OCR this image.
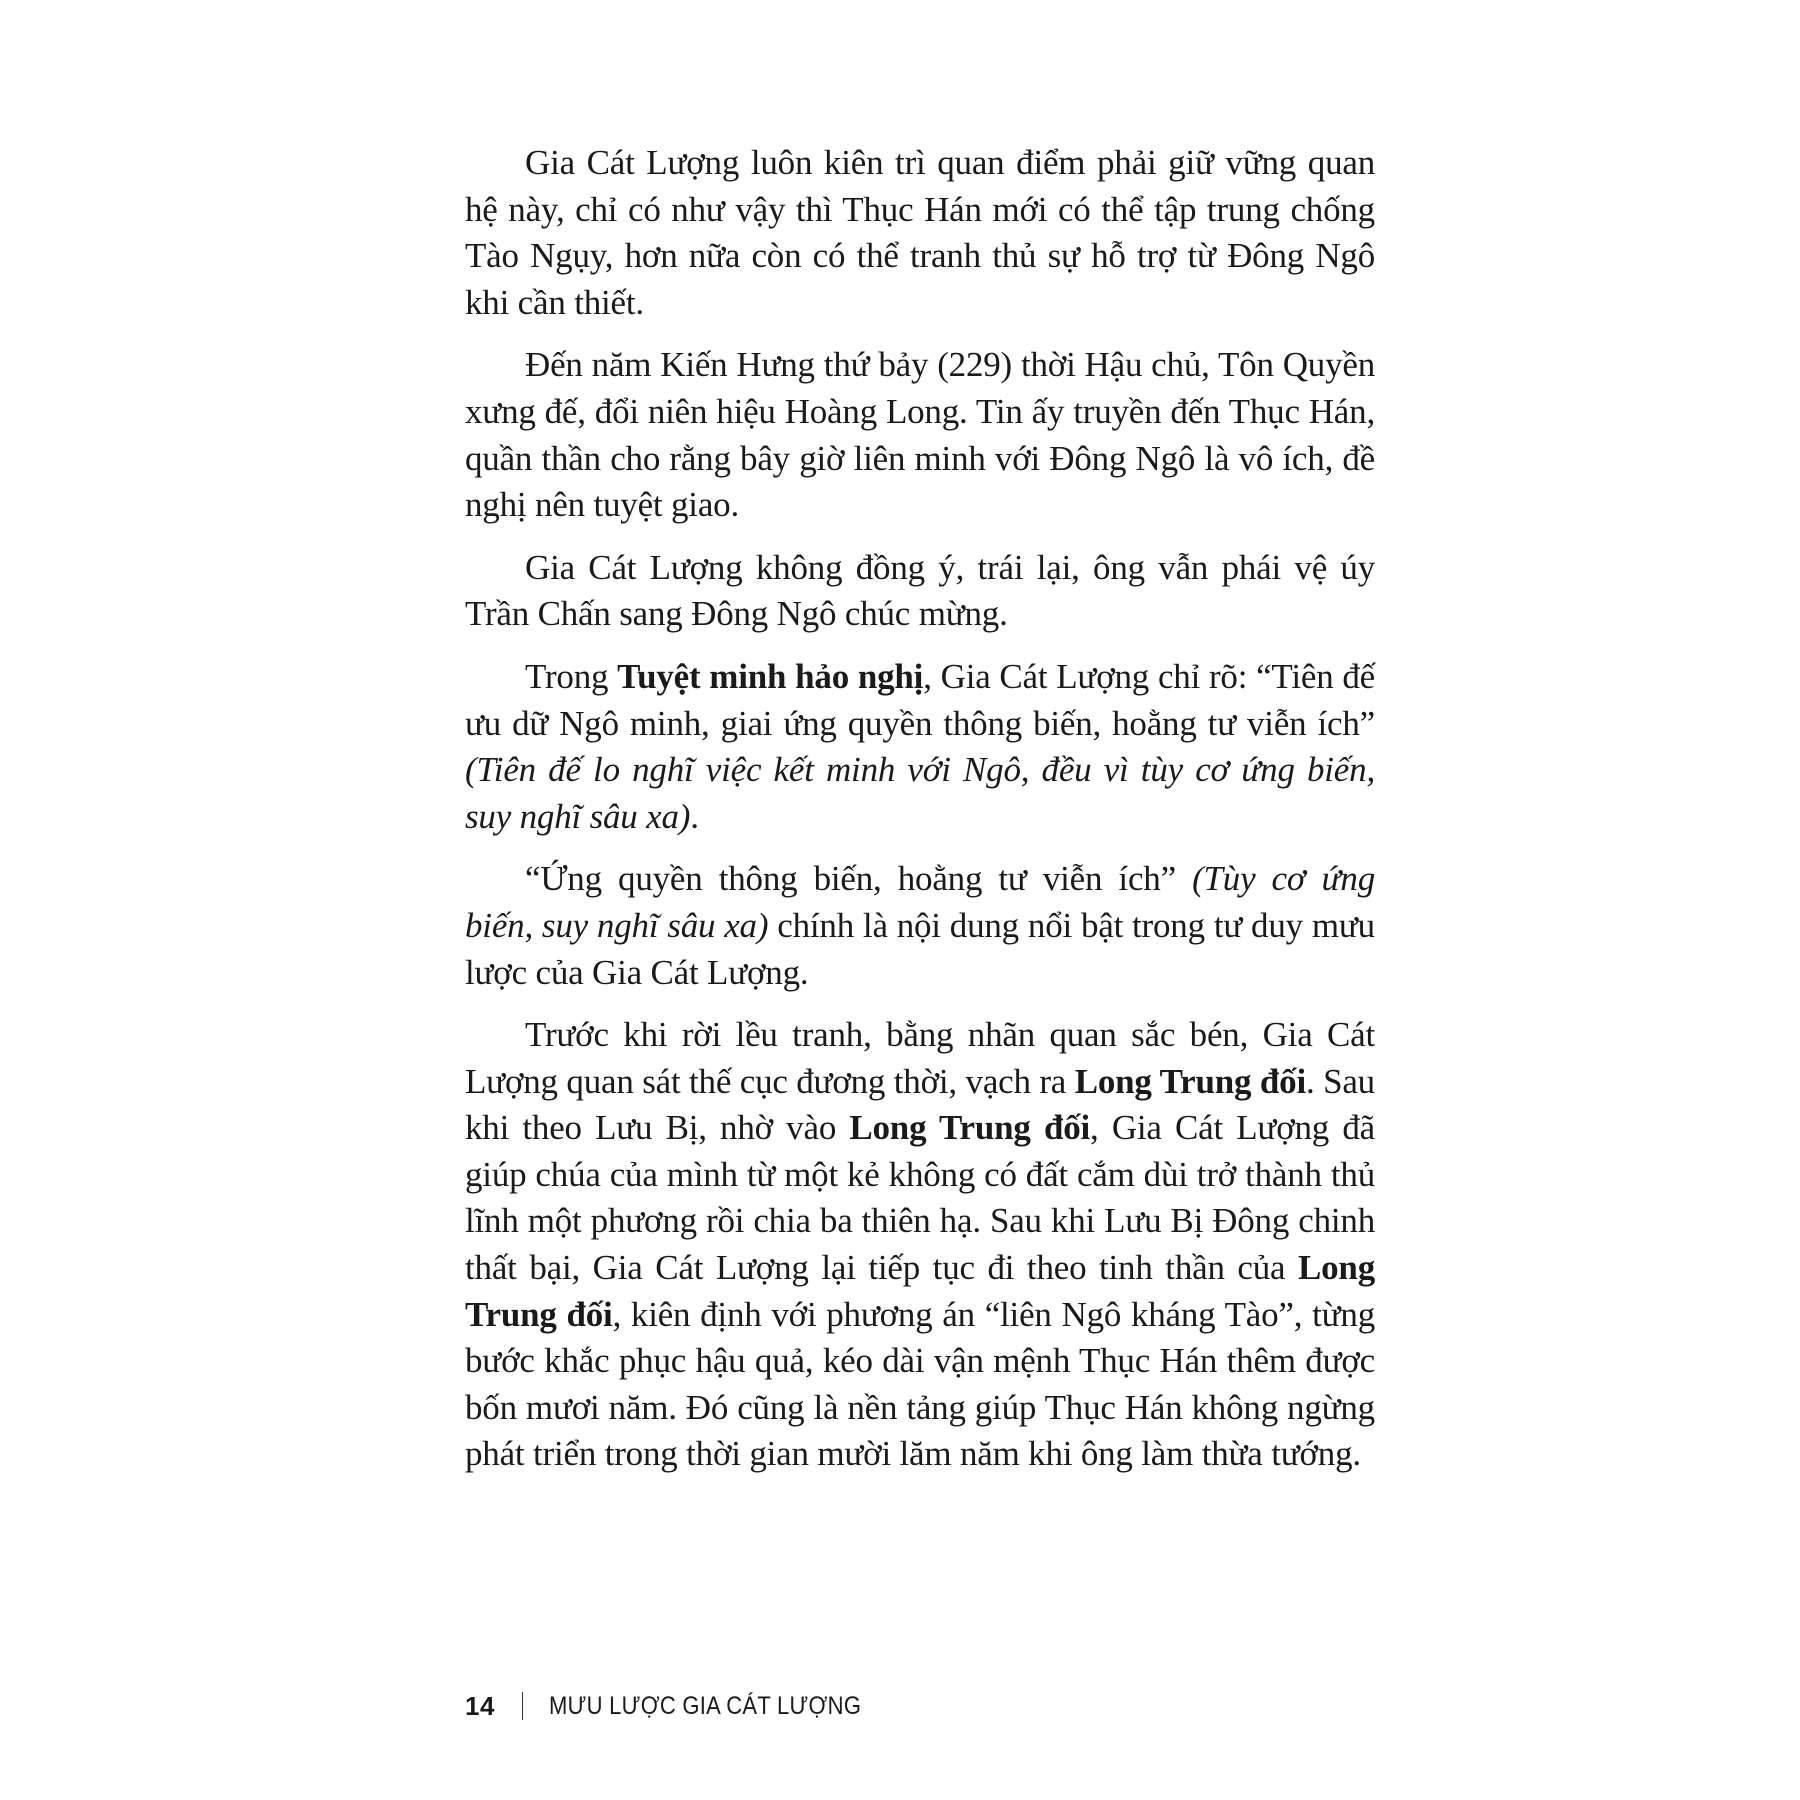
Gia Cát Lượng luôn kiên trì quan điểm phải giữ vững quan hệ này, chỉ có như vậy thì Thục Hán mới có thể tập trung chống Tào Ngụy, hơn nữa còn có thể tranh thủ sự hỗ trợ từ Đông Ngô khi cần thiết.

Đến năm Kiến Hưng thứ bảy (229) thời Hậu chủ, Tôn Quyền xưng đế, đổi niên hiệu Hoàng Long. Tin ấy truyền đến Thục Hán, quần thần cho rằng bây giờ liên minh với Đông Ngô là vô ích, đề nghị nên tuyệt giao.

Gia Cát Lượng không đồng ý, trái lại, ông vẫn phái vệ úy Trần Chấn sang Đông Ngô chúc mừng.

Trong Tuyệt minh hảo nghị, Gia Cát Lượng chỉ rõ: “Tiên đế ưu dữ Ngô minh, giai ứng quyền thông biến, hoằng tư viễn ích” (Tiên đế lo nghĩ việc kết minh với Ngô, đều vì tùy cơ ứng biến, suy nghĩ sâu xa).

“Ứng quyền thông biến, hoằng tư viễn ích” (Tùy cơ ứng biến, suy nghĩ sâu xa) chính là nội dung nổi bật trong tư duy mưu lược của Gia Cát Lượng.

Trước khi rời lều tranh, bằng nhãn quan sắc bén, Gia Cát Lượng quan sát thế cục đương thời, vạch ra Long Trung đối. Sau khi theo Lưu Bị, nhờ vào Long Trung đối, Gia Cát Lượng đã giúp chúa của mình từ một kẻ không có đất cắm dùi trở thành thủ lĩnh một phương rồi chia ba thiên hạ. Sau khi Lưu Bị Đông chinh thất bại, Gia Cát Lượng lại tiếp tục đi theo tinh thần của Long Trung đối, kiên định với phương án “liên Ngô kháng Tào”, từng bước khắc phục hậu quả, kéo dài vận mệnh Thục Hán thêm được bốn mươi năm. Đó cũng là nền tảng giúp Thục Hán không ngừng phát triển trong thời gian mười lăm năm khi ông làm thừa tướng.

14 MƯU LƯỢC GIA CÁT LƯỢNG
